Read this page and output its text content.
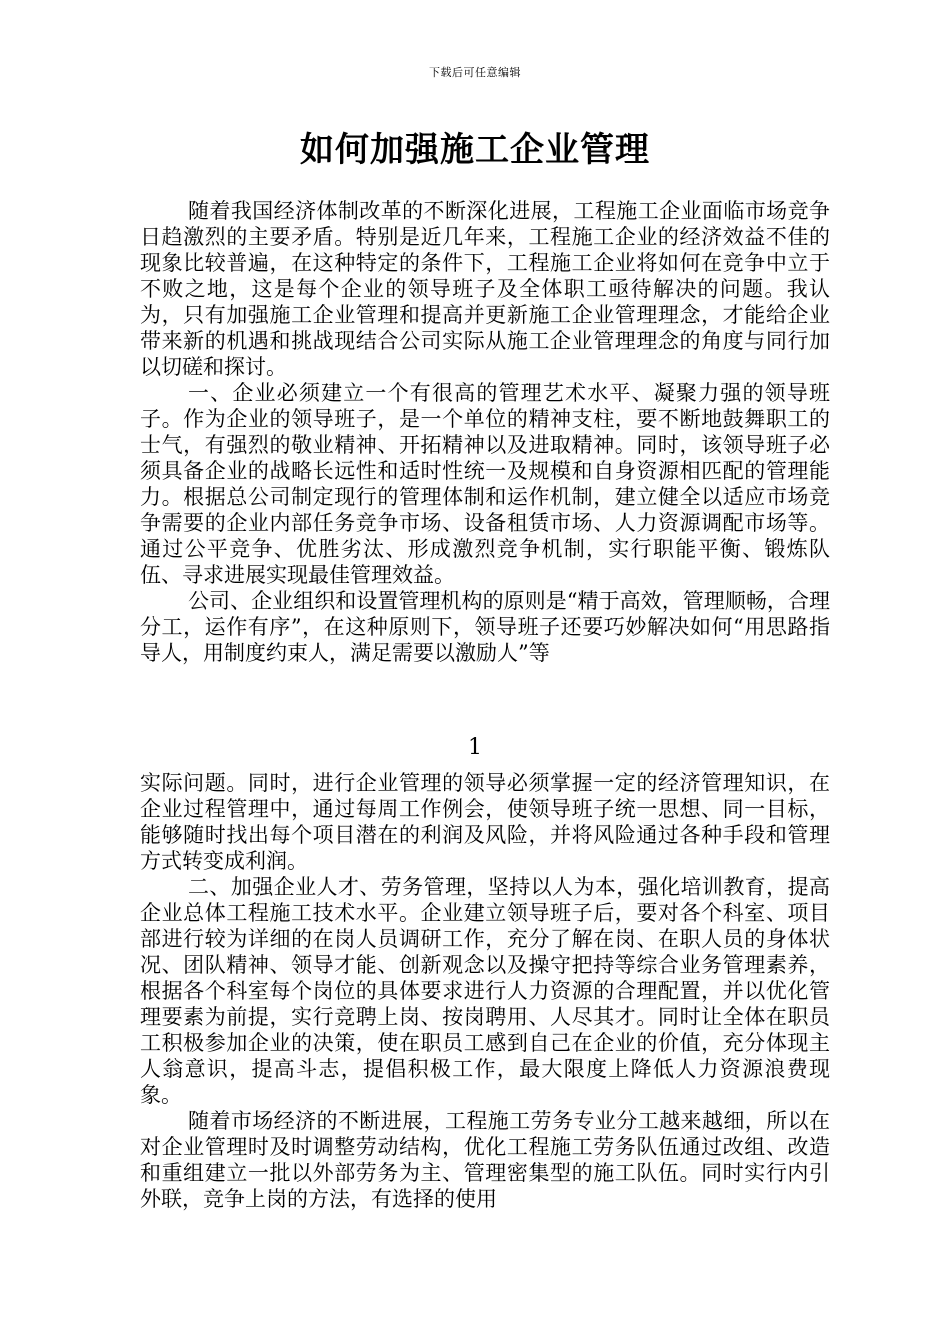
下载后可任意编辑
如何加强施工企业管理

随着我国经济体制改革的不断深化进展，工程施工企业面临市场竞争日趋激烈的主要矛盾。特别是近几年来，工程施工企业的经济效益不佳的现象比较普遍，在这种特定的条件下，工程施工企业将如何在竞争中立于不败之地，这是每个企业的领导班子及全体职工亟待解决的问题。我认为，只有加强施工企业管理和提高并更新施工企业管理理念，才能给企业带来新的机遇和挑战现结合公司实际从施工企业管理理念的角度与同行加以切磋和探讨。

一、企业必须建立一个有很高的管理艺术水平、凝聚力强的领导班子。作为企业的领导班子，是一个单位的精神支柱，要不断地鼓舞职工的士气，有强烈的敬业精神、开拓精神以及进取精神。同时，该领导班子必须具备企业的战略长远性和适时性统一及规模和自身资源相匹配的管理能力。根据总公司制定现行的管理体制和运作机制，建立健全以适应市场竞争需要的企业内部任务竞争市场、设备租赁市场、人力资源调配市场等。通过公平竞争、优胜劣汰、形成激烈竞争机制，实行职能平衡、锻炼队伍、寻求进展实现最佳管理效益。

公司、企业组织和设置管理机构的原则是“精于高效，管理顺畅，合理分工，运作有序”，在这种原则下，领导班子还要巧妙解决如何“用思路指导人，用制度约束人，满足需要以激励人”等

1

实际问题。同时，进行企业管理的领导必须掌握一定的经济管理知识，在企业过程管理中，通过每周工作例会，使领导班子统一思想、同一目标，能够随时找出每个项目潜在的利润及风险，并将风险通过各种手段和管理方式转变成利润。

二、加强企业人才、劳务管理，坚持以人为本，强化培训教育，提高企业总体工程施工技术水平。企业建立领导班子后，要对各个科室、项目部进行较为详细的在岗人员调研工作，充分了解在岗、在职人员的身体状况、团队精神、领导才能、创新观念以及操守把持等综合业务管理素养，根据各个科室每个岗位的具体要求进行人力资源的合理配置，并以优化管理要素为前提，实行竞聘上岗、按岗聘用、人尽其才。同时让全体在职员工积极参加企业的决策，使在职员工感到自己在企业的价值，充分体现主人翁意识，提高斗志，提倡积极工作，最大限度上降低人力资源浪费现象。

随着市场经济的不断进展，工程施工劳务专业分工越来越细，所以在对企业管理时及时调整劳动结构，优化工程施工劳务队伍通过改组、改造和重组建立一批以外部劳务为主、管理密集型的施工队伍。同时实行内引外联，竞争上岗的方法，有选择的使用
